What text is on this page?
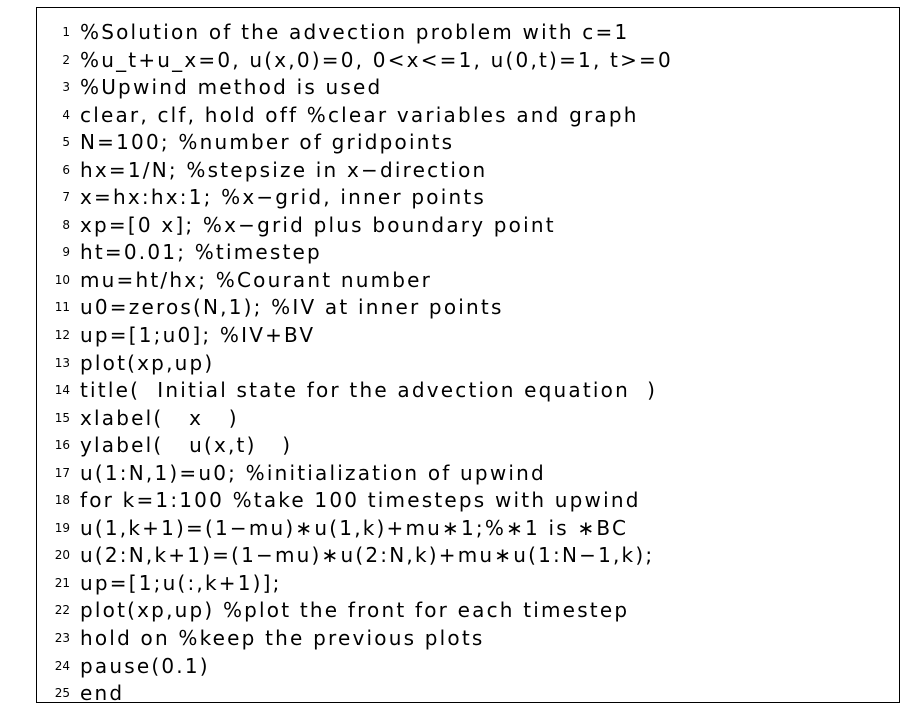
1
2
3
4
5
6
7
8
9
10
11
12
13
14
15
16
17
18
19
20
21
22
23
24
25
%Solution of the advection problem with c=1
%u_t+u_x=0, u(x,0)=0, 0<x<=1, u(0,t)=1, t>=0
%Upwind method is used
clear, clf, hold off %clear variables and graph
N=100; %number of gridpoints
hx=1/N; %stepsize in x−direction
x=hx:hx:1; %x−grid, inner points
xp=[0 x]; %x−grid plus boundary point
ht=0.01; %timestep
mu=ht/hx; %Courant number
u0=zeros(N,1); %IV at inner points
up=[1;u0]; %IV+BV
plot(xp,up)
title(  Initial state for the advection equation  )
xlabel(   x   )
ylabel(   u(x,t)   )
u(1:N,1)=u0; %initialization of upwind
for k=1:100 %take 100 timesteps with upwind
u(1,k+1)=(1−mu)∗u(1,k)+mu∗1;%∗1 is ∗BC
u(2:N,k+1)=(1−mu)∗u(2:N,k)+mu∗u(1:N−1,k);
up=[1;u(:,k+1)];
plot(xp,up) %plot the front for each timestep
hold on %keep the previous plots
pause(0.1)
end
